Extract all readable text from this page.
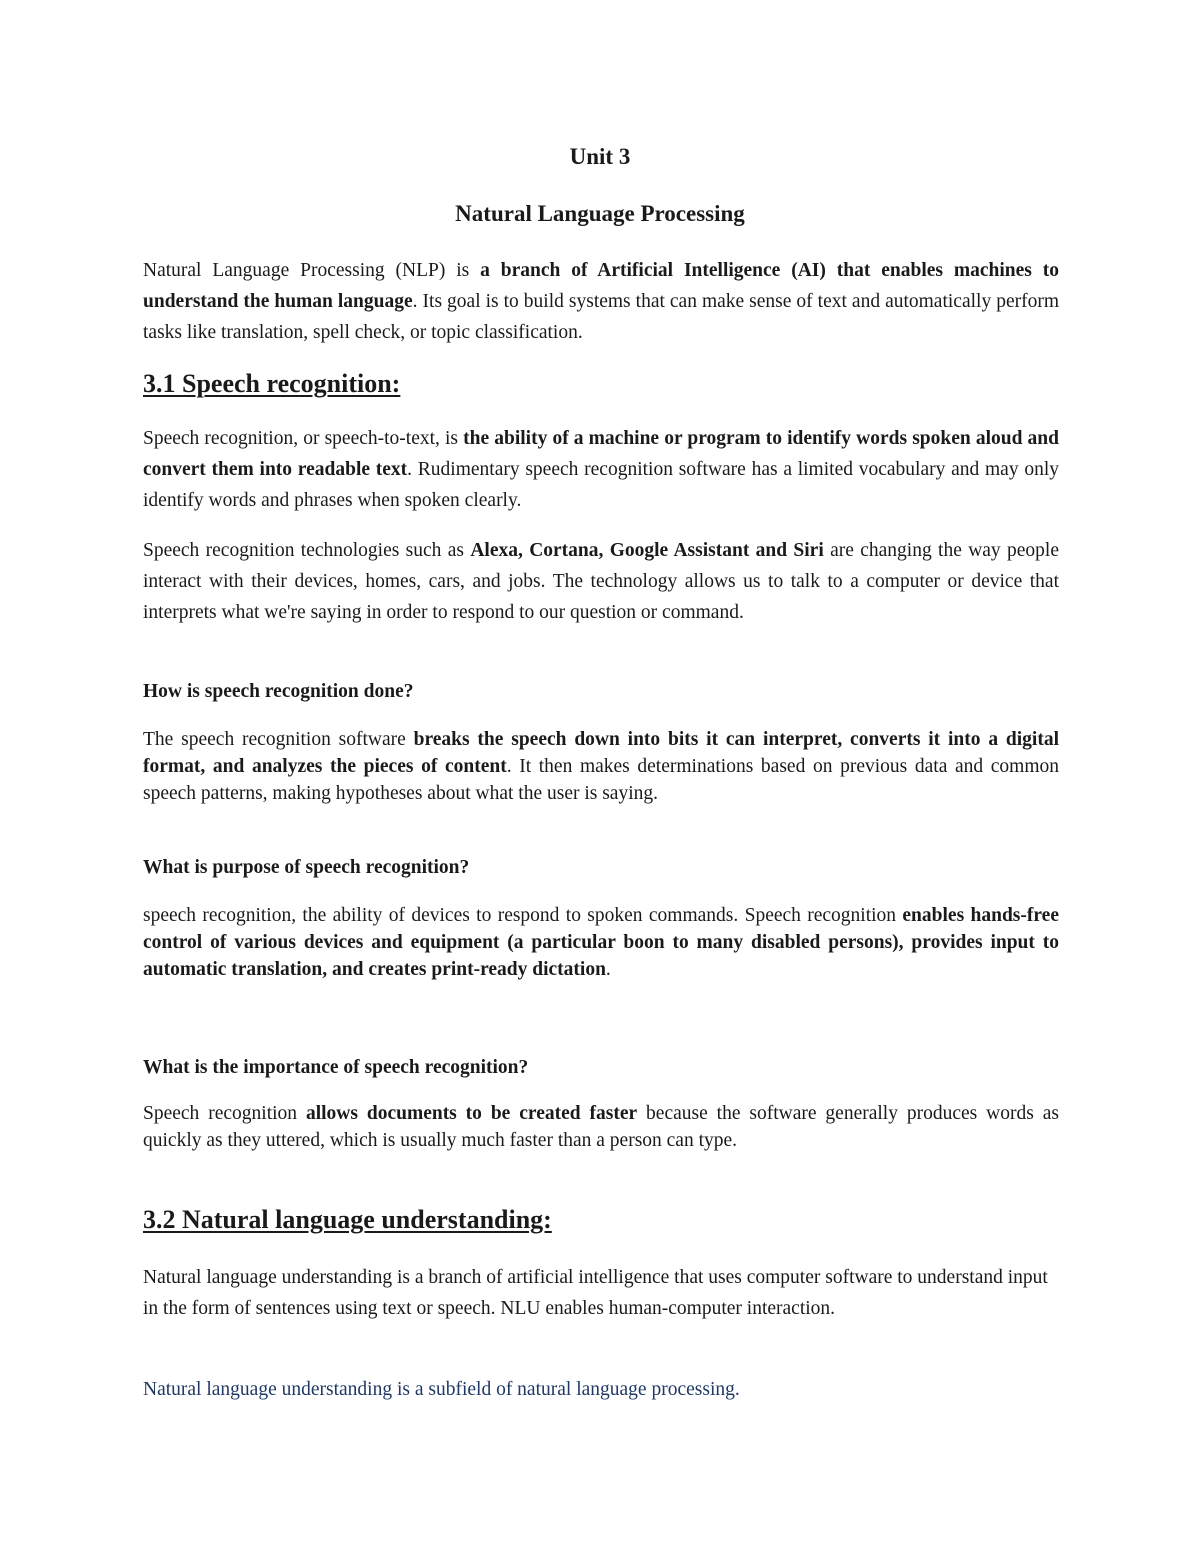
Unit 3
Natural Language Processing
Natural Language Processing (NLP) is a branch of Artificial Intelligence (AI) that enables machines to understand the human language. Its goal is to build systems that can make sense of text and automatically perform tasks like translation, spell check, or topic classification.
3.1 Speech recognition:
Speech recognition, or speech-to-text, is the ability of a machine or program to identify words spoken aloud and convert them into readable text. Rudimentary speech recognition software has a limited vocabulary and may only identify words and phrases when spoken clearly.
Speech recognition technologies such as Alexa, Cortana, Google Assistant and Siri are changing the way people interact with their devices, homes, cars, and jobs. The technology allows us to talk to a computer or device that interprets what we're saying in order to respond to our question or command.
How is speech recognition done?
The speech recognition software breaks the speech down into bits it can interpret, converts it into a digital format, and analyzes the pieces of content. It then makes determinations based on previous data and common speech patterns, making hypotheses about what the user is saying.
What is purpose of speech recognition?
speech recognition, the ability of devices to respond to spoken commands. Speech recognition enables hands-free control of various devices and equipment (a particular boon to many disabled persons), provides input to automatic translation, and creates print-ready dictation.
What is the importance of speech recognition?
Speech recognition allows documents to be created faster because the software generally produces words as quickly as they uttered, which is usually much faster than a person can type.
3.2 Natural language understanding:
Natural language understanding is a branch of artificial intelligence that uses computer software to understand input in the form of sentences using text or speech. NLU enables human-computer interaction.
Natural language understanding is a subfield of natural language processing.
